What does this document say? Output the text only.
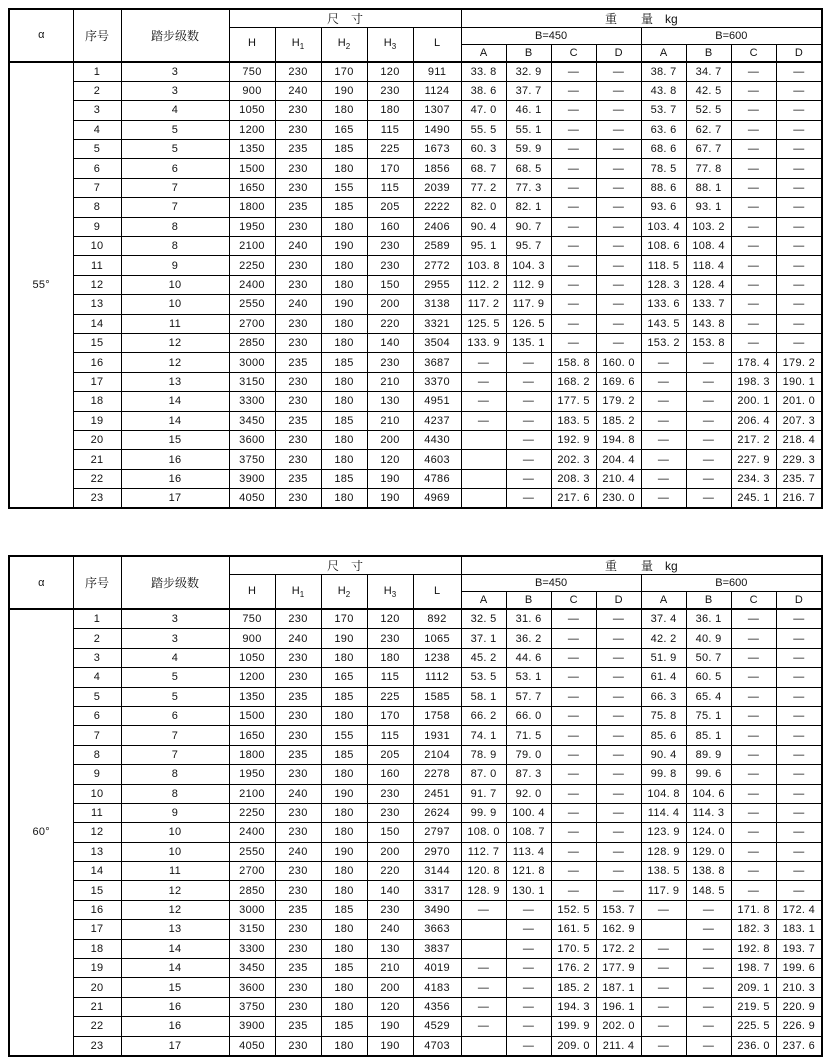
α	序号	踏步级数	尺　寸					重　　量　kg							
			H	$H_1$	$H_2$	$H_3$	L	B=450				B=600			
								A	B	C	D	A	B	C	D
55°	1	3	750	230	170	120	911	33. 8	32. 9	—	—	38. 7	34. 7	—	—
	2	3	900	240	190	230	1124	38. 6	37. 7	—	—	43. 8	42. 5	—	—
	3	4	1050	230	180	180	1307	47. 0	46. 1	—	—	53. 7	52. 5	—	—
	4	5	1200	230	165	115	1490	55. 5	55. 1	—	—	63. 6	62. 7	—	—
	5	5	1350	235	185	225	1673	60. 3	59. 9	—	—	68. 6	67. 7	—	—
	6	6	1500	230	180	170	1856	68. 7	68. 5	—	—	78. 5	77. 8	—	—
	7	7	1650	230	155	115	2039	77. 2	77. 3	—	—	88. 6	88. 1	—	—
	8	7	1800	235	185	205	2222	82. 0	82. 1	—	—	93. 6	93. 1	—	—
	9	8	1950	230	180	160	2406	90. 4	90. 7	—	—	103. 4	103. 2	—	—
	10	8	2100	240	190	230	2589	95. 1	95. 7	—	—	108. 6	108. 4	—	—
	11	9	2250	230	180	230	2772	103. 8	104. 3	—	—	118. 5	118. 4	—	—
	12	10	2400	230	180	150	2955	112. 2	112. 9	—	—	128. 3	128. 4	—	—
	13	10	2550	240	190	200	3138	117. 2	117. 9	—	—	133. 6	133. 7	—	—
	14	11	2700	230	180	220	3321	125. 5	126. 5	—	—	143. 5	143. 8	—	—
	15	12	2850	230	180	140	3504	133. 9	135. 1	—	—	153. 2	153. 8	—	—
	16	12	3000	235	185	230	3687	—	—	158. 8	160. 0	—	—	178. 4	179. 2
	17	13	3150	230	180	210	3370	—	—	168. 2	169. 6	—	—	198. 3	190. 1
	18	14	3300	230	180	130	4951	—	—	177. 5	179. 2	—	—	200. 1	201. 0
	19	14	3450	235	185	210	4237	—	—	183. 5	185. 2	—	—	206. 4	207. 3
	20	15	3600	230	180	200	4430		—	192. 9	194. 8	—	—	217. 2	218. 4
	21	16	3750	230	180	120	4603		—	202. 3	204. 4	—	—	227. 9	229. 3
	22	16	3900	235	185	190	4786		—	208. 3	210. 4	—	—	234. 3	235. 7
	23	17	4050	230	180	190	4969		—	217. 6	230. 0	—	—	245. 1	216. 7
α	序号	踏步级数	尺　寸					重　　量　kg							
			H	$H_1$	$H_2$	$H_3$	L	B=450				B=600			
								A	B	C	D	A	B	C	D
60°	1	3	750	230	170	120	892	32. 5	31. 6	—	—	37. 4	36. 1	—	—
	2	3	900	240	190	230	1065	37. 1	36. 2	—	—	42. 2	40. 9	—	—
	3	4	1050	230	180	180	1238	45. 2	44. 6	—	—	51. 9	50. 7	—	—
	4	5	1200	230	165	115	1112	53. 5	53. 1	—	—	61. 4	60. 5	—	—
	5	5	1350	235	185	225	1585	58. 1	57. 7	—	—	66. 3	65. 4	—	—
	6	6	1500	230	180	170	1758	66. 2	66. 0	—	—	75. 8	75. 1	—	—
	7	7	1650	230	155	115	1931	74. 1	71. 5	—	—	85. 6	85. 1	—	—
	8	7	1800	235	185	205	2104	78. 9	79. 0	—	—	90. 4	89. 9	—	—
	9	8	1950	230	180	160	2278	87. 0	87. 3	—	—	99. 8	99. 6	—	—
	10	8	2100	240	190	230	2451	91. 7	92. 0	—	—	104. 8	104. 6	—	—
	11	9	2250	230	180	230	2624	99. 9	100. 4	—	—	114. 4	114. 3	—	—
	12	10	2400	230	180	150	2797	108. 0	108. 7	—	—	123. 9	124. 0	—	—
	13	10	2550	240	190	200	2970	112. 7	113. 4	—	—	128. 9	129. 0	—	—
	14	11	2700	230	180	220	3144	120. 8	121. 8	—	—	138. 5	138. 8	—	—
	15	12	2850	230	180	140	3317	128. 9	130. 1	—	—	117. 9	148. 5	—	—
	16	12	3000	235	185	230	3490	—	—	152. 5	153. 7	—	—	171. 8	172. 4
	17	13	3150	230	180	240	3663		—	161. 5	162. 9		—	182. 3	183. 1
	18	14	3300	230	180	130	3837		—	170. 5	172. 2	—	—	192. 8	193. 7
	19	14	3450	235	185	210	4019	—	—	176. 2	177. 9	—	—	198. 7	199. 6
	20	15	3600	230	180	200	4183	—	—	185. 2	187. 1	—	—	209. 1	210. 3
	21	16	3750	230	180	120	4356	—	—	194. 3	196. 1	—	—	219. 5	220. 9
	22	16	3900	235	185	190	4529	—	—	199. 9	202. 0	—	—	225. 5	226. 9
	23	17	4050	230	180	190	4703		—	209. 0	211. 4	—	—	236. 0	237. 6
